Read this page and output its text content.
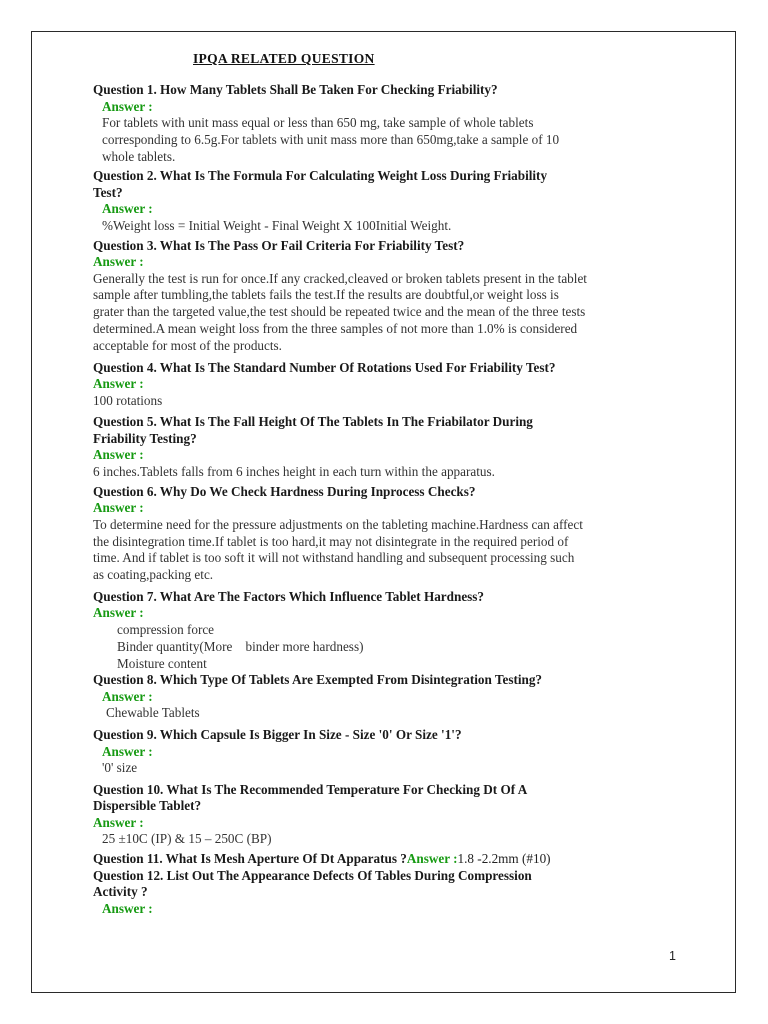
IPQA RELATED QUESTION
Question 1. How Many Tablets Shall Be Taken For Checking Friability?
Answer :
For tablets with unit mass equal or less than 650 mg, take sample of whole tablets
corresponding to 6.5g.For tablets with unit mass more than 650mg,take a sample of 10
whole tablets.
Question 2. What Is The Formula For Calculating Weight Loss During Friability
Test?
Answer :
%Weight loss = Initial Weight - Final Weight X 100Initial Weight.
Question 3. What Is The Pass Or Fail Criteria For Friability Test?
Answer :
Generally the test is run for once.If any cracked,cleaved or broken tablets present in the tablet
sample after tumbling,the tablets fails the test.If the results are doubtful,or weight loss is
grater than the targeted value,the test should be repeated twice and the mean of the three tests
determined.A mean weight loss from the three samples of not more than 1.0% is considered
acceptable for most of the products.
Question 4. What Is The Standard Number Of Rotations Used For Friability Test?
Answer :
100 rotations
Question 5. What Is The Fall Height Of The Tablets In The Friabilator During
Friability Testing?
Answer :
6 inches.Tablets falls from 6 inches height in each turn within the apparatus.
Question 6. Why Do We Check Hardness During Inprocess Checks?
Answer :
To determine need for the pressure adjustments on the tableting machine.Hardness can affect
the disintegration time.If tablet is too hard,it may not disintegrate in the required period of
time. And if tablet is too soft it will not withstand handling and subsequent processing such
as coating,packing etc.
Question 7. What Are The Factors Which Influence Tablet Hardness?
Answer :
compression force
Binder quantity(More    binder more hardness)
Moisture content
Question 8. Which Type Of Tablets Are Exempted From Disintegration Testing?
Answer :
Chewable Tablets
Question 9. Which Capsule Is Bigger In Size - Size '0' Or Size '1'?
Answer :
'0' size
Question 10. What Is The Recommended Temperature For Checking Dt Of A
Dispersible Tablet?
Answer :
25 ±10C (IP) & 15 – 250C (BP)
Question 11. What Is Mesh Aperture Of Dt Apparatus ?Answer :1.8 -2.2mm (#10)
Question 12. List Out The Appearance Defects Of Tables During Compression
Activity ?
Answer :
1
